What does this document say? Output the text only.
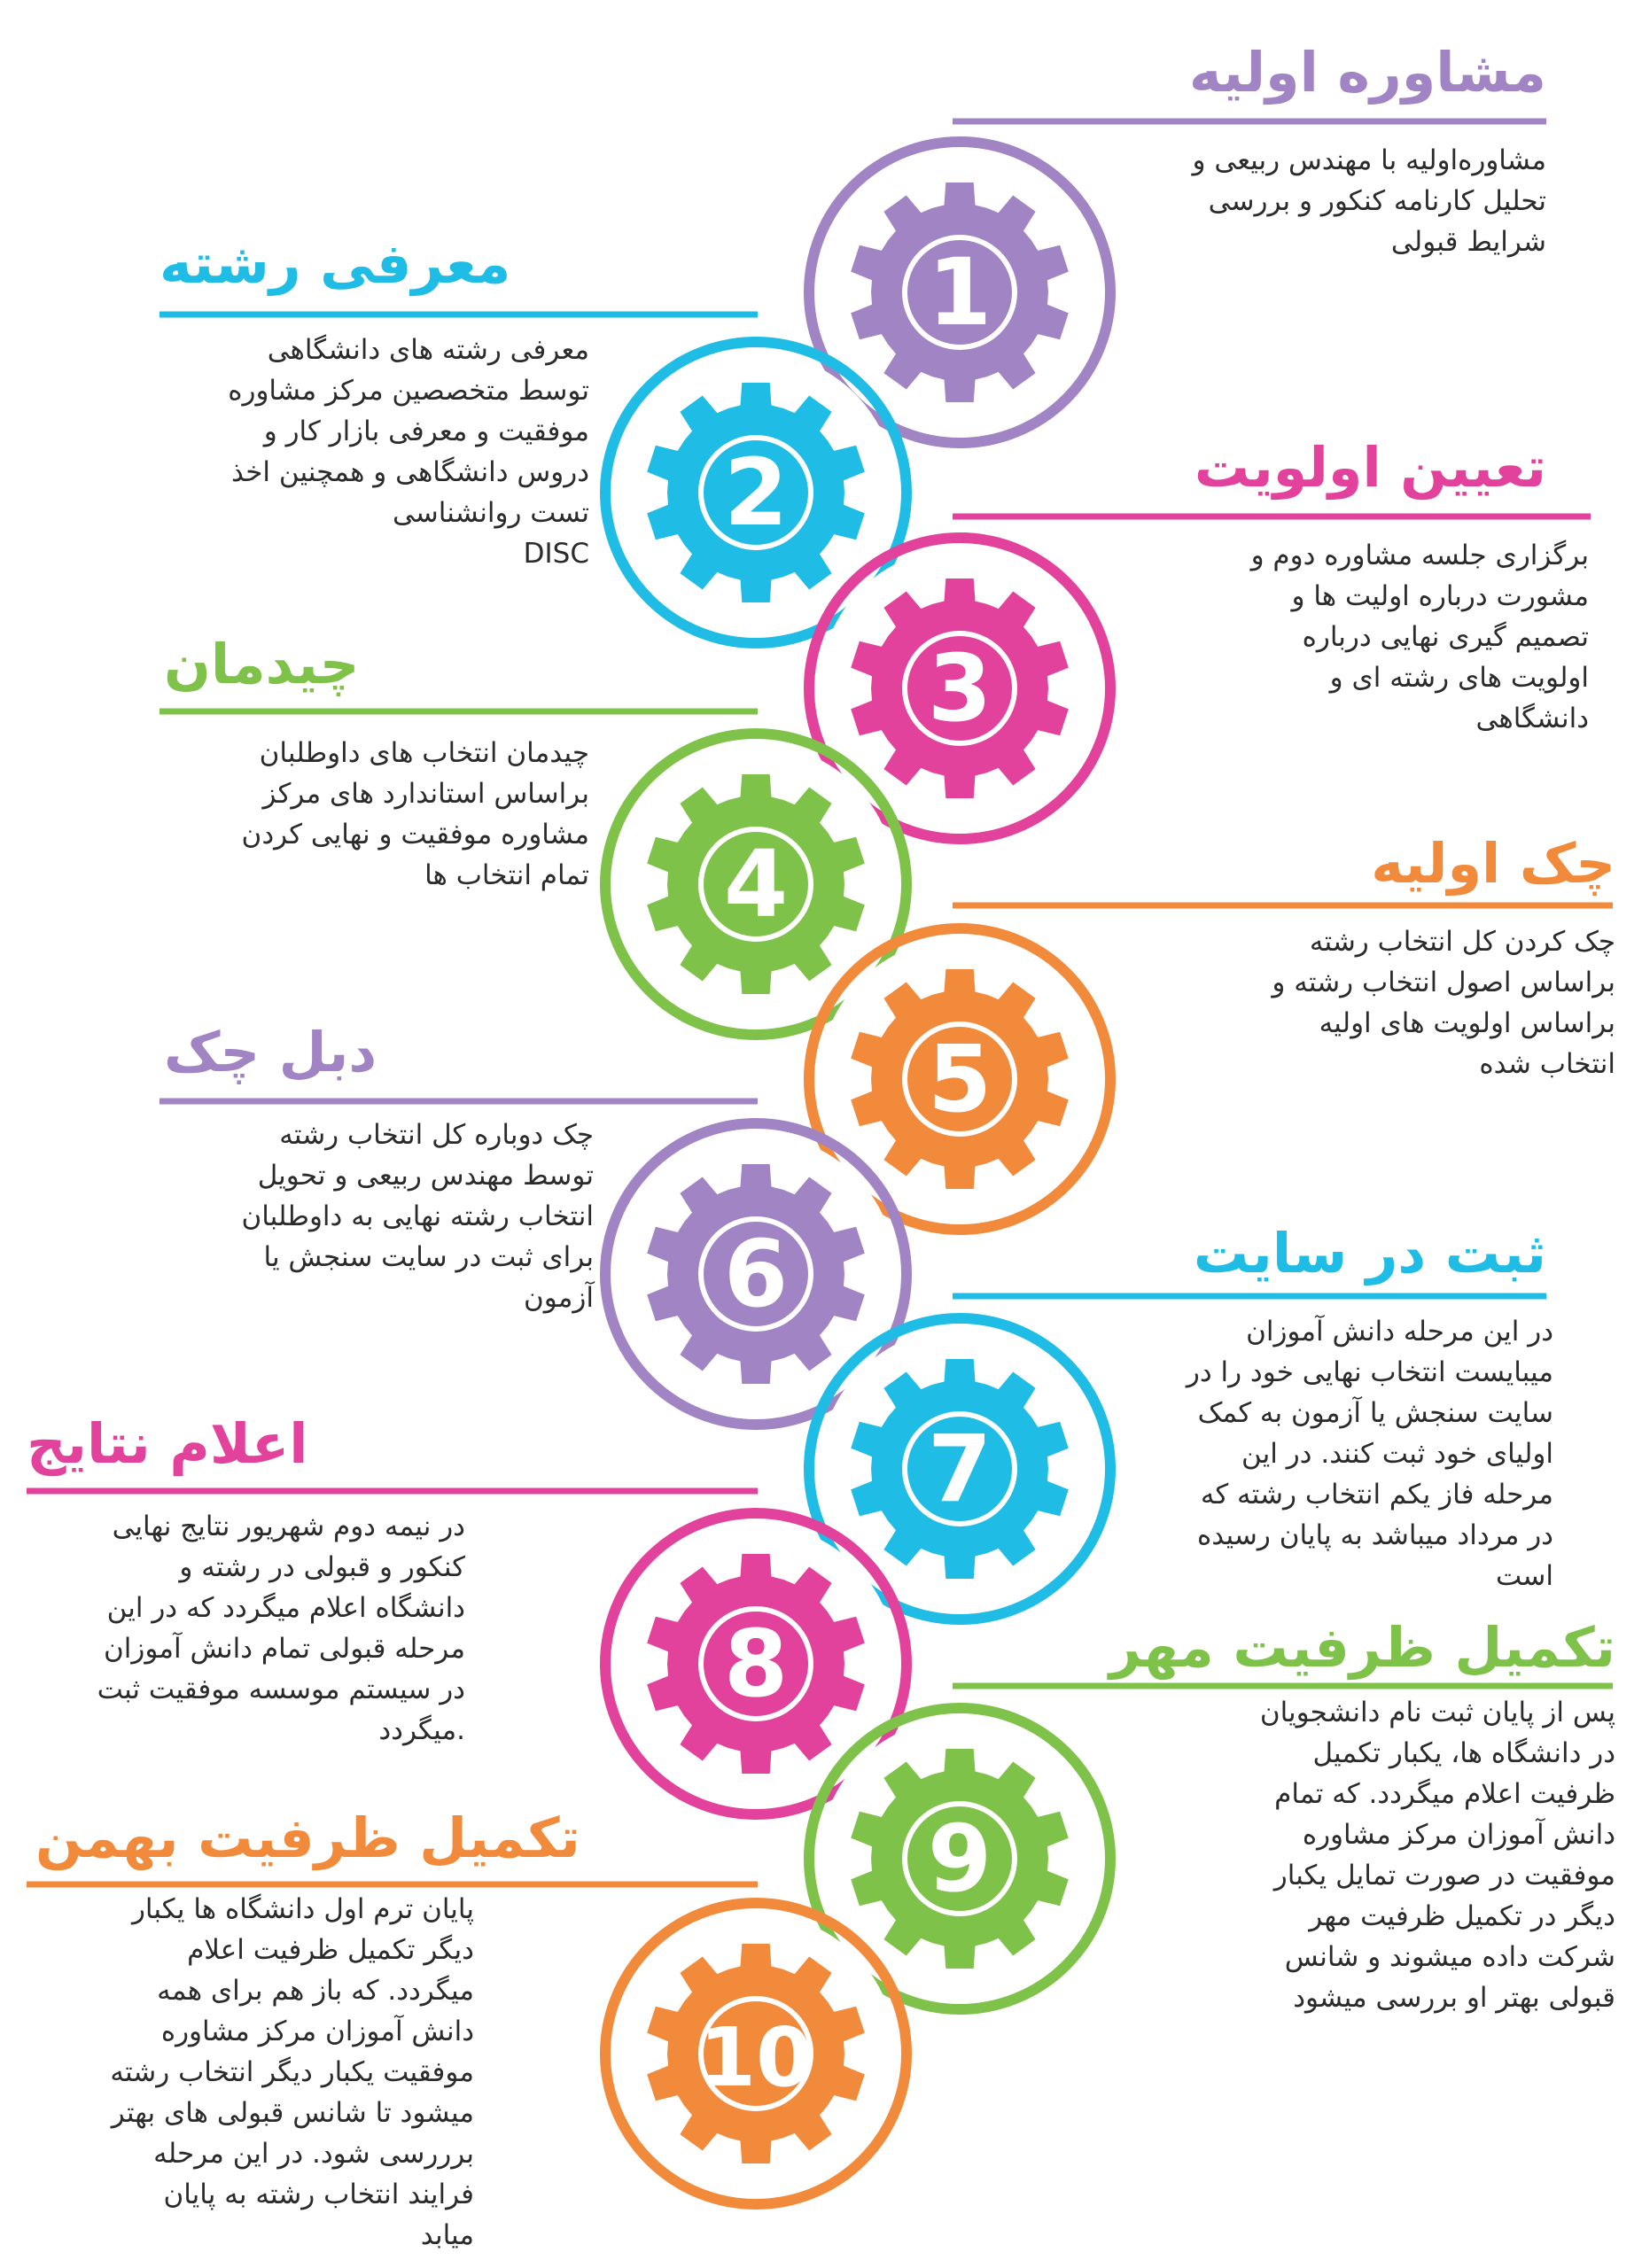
1
2
3
4
5
6
7
8
9
10
مشاوره اولیه
مشاوره‌اولیه با مهندس ربیعی و
تحلیل کارنامه کنکور و بررسی
شرایط قبولی
معرفی رشته
معرفی رشته های دانشگاهی
توسط متخصصین مرکز مشاوره
موفقیت و معرفی بازار کار و
دروس دانشگاهی و همچنین اخذ
تست روانشناسی
DISC
تعیین اولویت
برگزاری جلسه مشاوره دوم و
مشورت درباره اولیت ها و
تصمیم گیری نهایی درباره
اولویت های رشته ای و
دانشگاهی
چیدمان
چیدمان انتخاب های داوطلبان
براساس استاندارد های مرکز
مشاوره موفقیت و نهایی کردن
تمام انتخاب ها	چک اولیه
چک کردن کل انتخاب رشته
براساس اصول انتخاب رشته و
براساس اولویت های اولیه
انتخاب شده
دبل چک
چک دوباره کل انتخاب رشته
توسط مهندس ربیعی و تحویل
انتخاب رشته نهایی به داوطلبان
برای ثبت در سایت سنجش یا
آزمون
ثبت در سایت
در این مرحله دانش آموزان
میبایست انتخاب نهایی خود را در
سایت سنجش یا آزمون به کمک
اولیای خود ثبت کنند. در این
مرحله فاز یکم انتخاب رشته که
در مرداد میباشد به پایان رسیده
است
اعلام نتایج
در نیمه دوم شهریور نتایج نهایی
کنکور و قبولی در رشته و
دانشگاه اعلام میگردد که در این
مرحله قبولی تمام دانش آموزان
در سیستم موسسه موفقیت ثبت
.میگردد
تکمیل ظرفیت مهر
پس از پایان ثبت نام دانشجویان
در دانشگاه ها، یکبار تکمیل
ظرفیت اعلام میگردد. که تمام
دانش آموزان مرکز مشاوره
موفقیت در صورت تمایل یکبار
دیگر در تکمیل ظرفیت مهر
شرکت داده میشوند و شانس
قبولی بهتر او بررسی میشود
تکمیل ظرفیت بهمن
پایان ترم اول دانشگاه ها یکبار
دیگر تکمیل ظرفیت اعلام
میگردد. که باز هم برای همه
دانش آموزان مرکز مشاوره
موفقیت یکبار دیگر انتخاب رشته
میشود تا شانس قبولی های بهتر
برررسی شود. در این مرحله
فرایند انتخاب رشته به پایان
میابد
